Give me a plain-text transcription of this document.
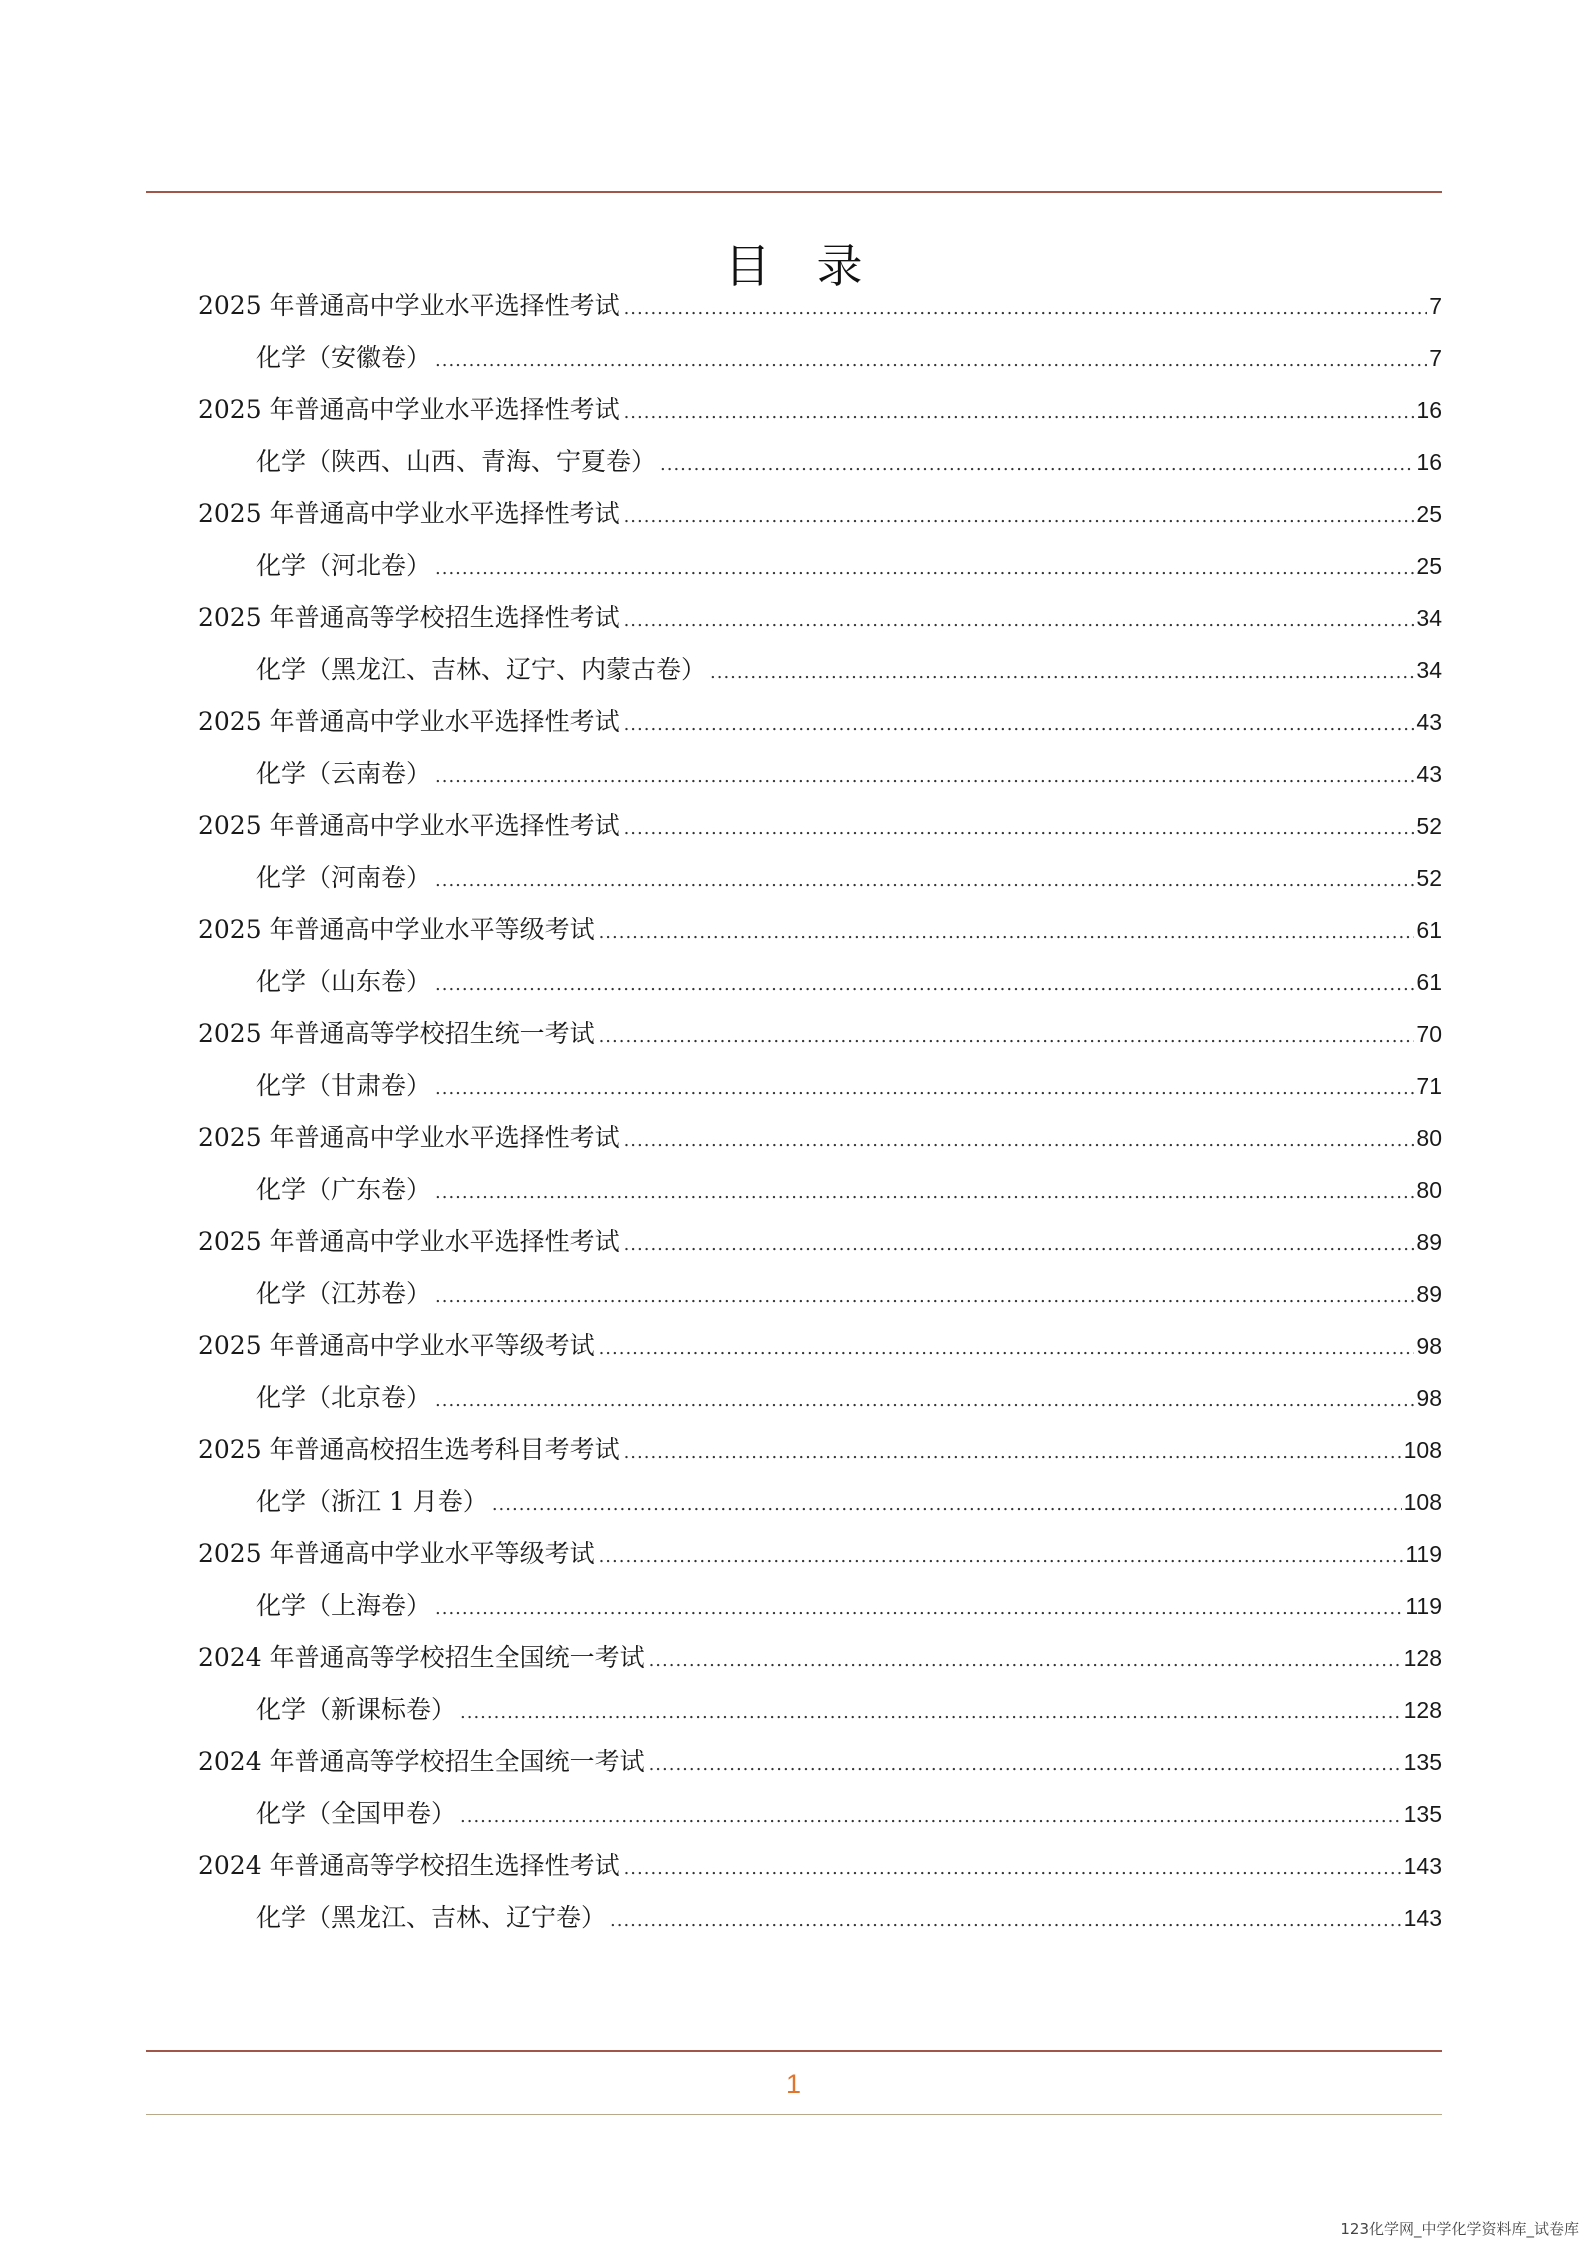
目录
2025 年普通高中学业水平选择性考试 .....	7
化学（安徽卷） .....	7
2025 年普通高中学业水平选择性考试 .....	16
化学（陕西、山西、青海、宁夏卷） .....	16
2025 年普通高中学业水平选择性考试 .....	25
化学（河北卷） .....	25
2025 年普通高等学校招生选择性考试 .....	34
化学（黑龙江、吉林、辽宁、内蒙古卷） .....	34
2025 年普通高中学业水平选择性考试 .....	43
化学（云南卷） .....	43
2025 年普通高中学业水平选择性考试 .....	52
化学（河南卷） .....	52
2025 年普通高中学业水平等级考试 .....	61
化学（山东卷） .....	61
2025 年普通高等学校招生统一考试 .....	70
化学（甘肃卷） .....	71
2025 年普通高中学业水平选择性考试 .....	80
化学（广东卷） .....	80
2025 年普通高中学业水平选择性考试 .....	89
化学（江苏卷） .....	89
2025 年普通高中学业水平等级考试 .....	98
化学（北京卷） .....	98
2025 年普通高校招生选考科目考考试 .....	108
化学（浙江 1 月卷） .....	108
2025 年普通高中学业水平等级考试 .....	119
化学（上海卷） .....	119
2024 年普通高等学校招生全国统一考试 .....	128
化学（新课标卷） .....	128
2024 年普通高等学校招生全国统一考试 .....	135
化学（全国甲卷） .....	135
2024 年普通高等学校招生选择性考试 .....	143
化学（黑龙江、吉林、辽宁卷） .....	143
1
123化学网_中学化学资料库_试卷库
